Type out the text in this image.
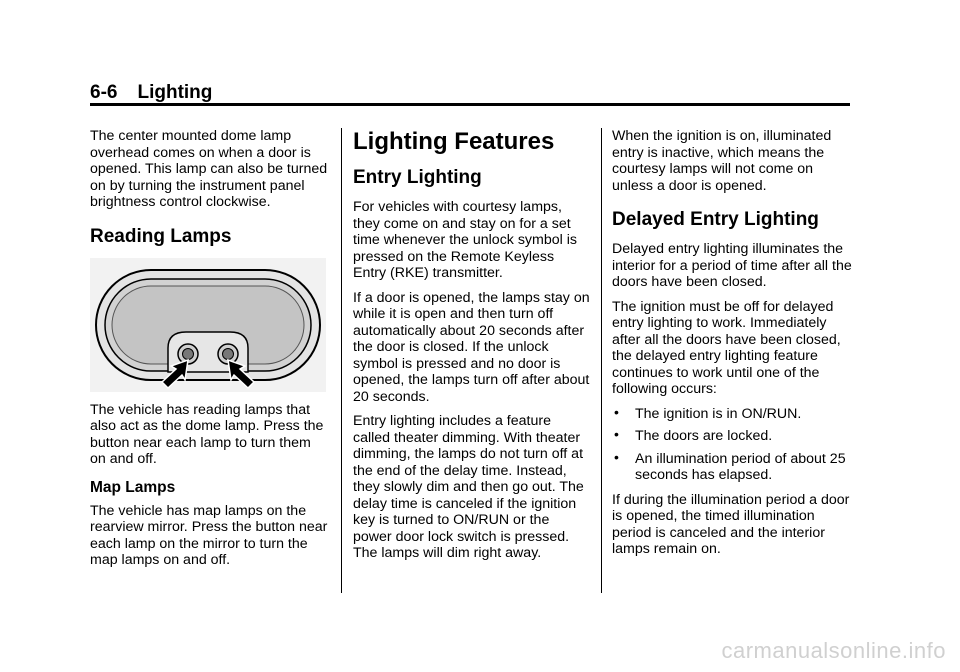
6-6 Lighting

The center mounted dome lamp overhead comes on when a door is opened. This lamp can also be turned on by turning the instrument panel brightness control clockwise.

Reading Lamps

The vehicle has reading lamps that also act as the dome lamp. Press the button near each lamp to turn them on and off.

Map Lamps

The vehicle has map lamps on the rearview mirror. Press the button near each lamp on the mirror to turn the map lamps on and off.

Lighting Features
Entry Lighting

For vehicles with courtesy lamps, they come on and stay on for a set time whenever the unlock symbol is pressed on the Remote Keyless Entry (RKE) transmitter.

If a door is opened, the lamps stay on while it is open and then turn off automatically about 20 seconds after the door is closed. If the unlock symbol is pressed and no door is opened, the lamps turn off after about 20 seconds.

Entry lighting includes a feature called theater dimming. With theater dimming, the lamps do not turn off at the end of the delay time. Instead, they slowly dim and then go out. The delay time is canceled if the ignition key is turned to ON/RUN or the power door lock switch is pressed. The lamps will dim right away.

When the ignition is on, illuminated entry is inactive, which means the courtesy lamps will not come on unless a door is opened.

Delayed Entry Lighting

Delayed entry lighting illuminates the interior for a period of time after all the doors have been closed.

The ignition must be off for delayed entry lighting to work. Immediately after all the doors have been closed, the delayed entry lighting feature continues to work until one of the following occurs:

• The ignition is in ON/RUN.
• The doors are locked.
• An illumination period of about 25 seconds has elapsed.

If during the illumination period a door is opened, the timed illumination period is canceled and the interior lamps remain on.

carmanualsonline.info
